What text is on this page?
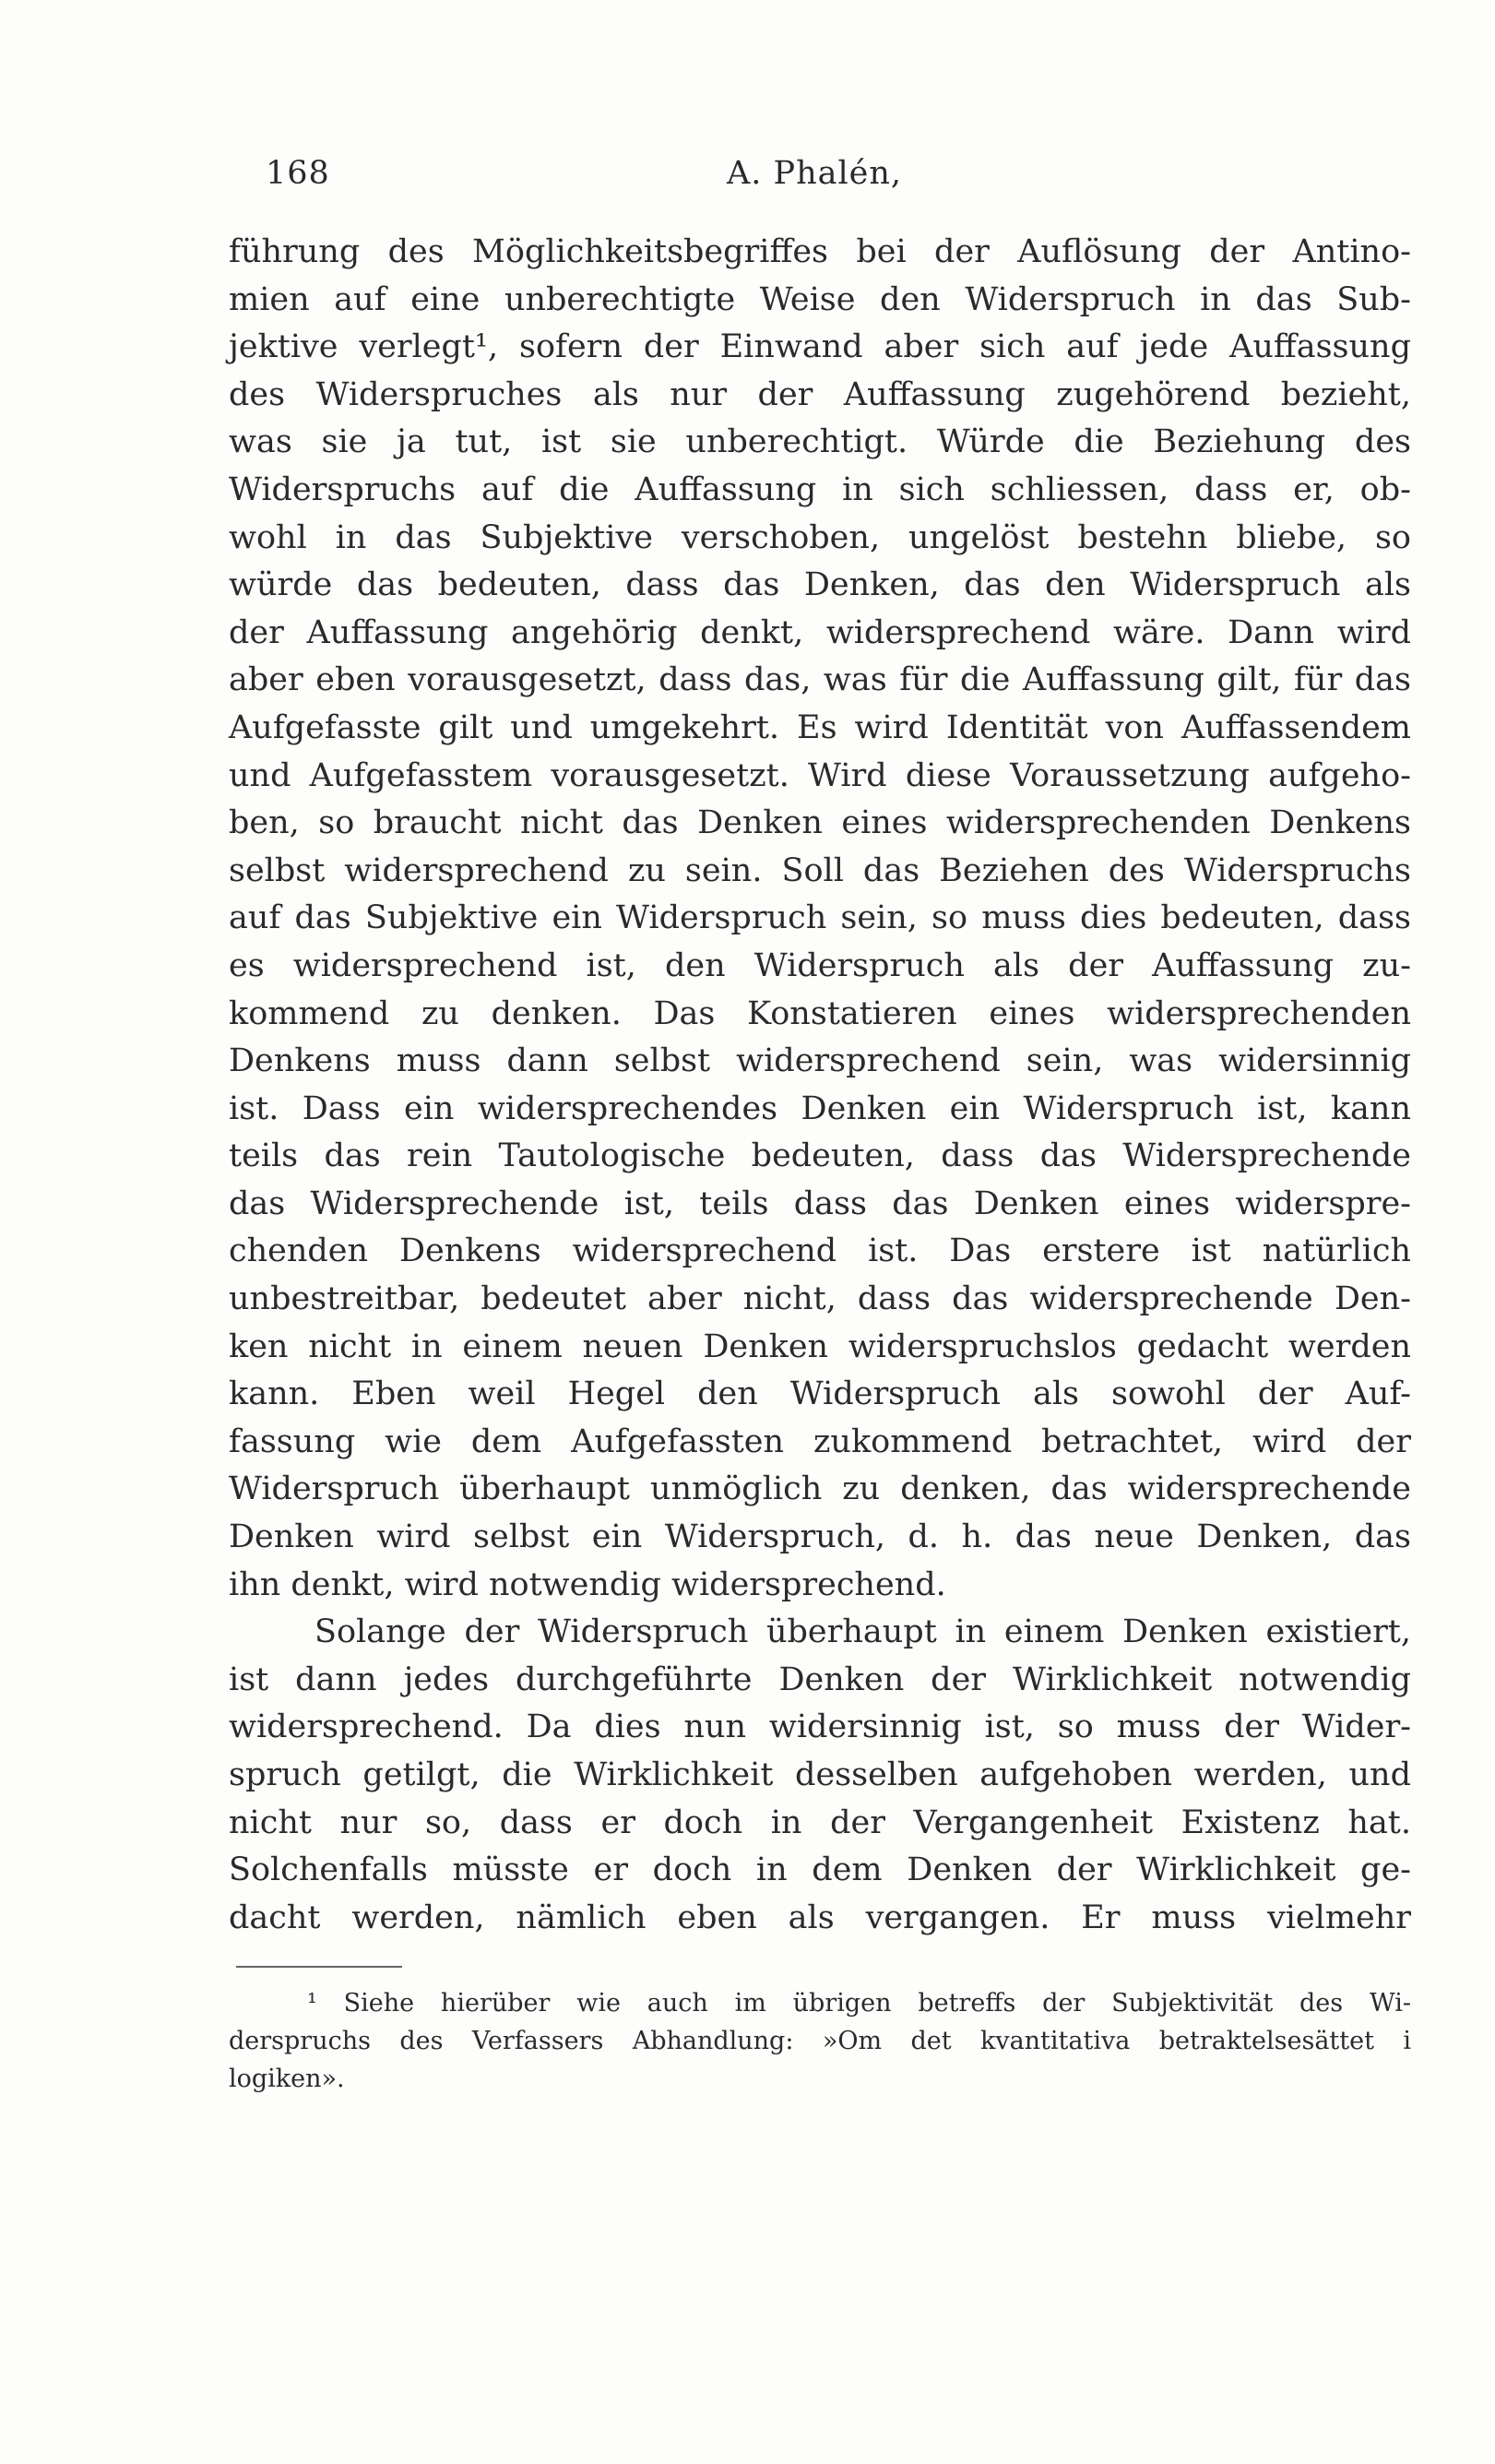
168	A. Phalén,
führung des Möglichkeitsbegriffes bei der Auflösung der Antino-
mien auf eine unberechtigte Weise den Widerspruch in das Sub-
jektive verlegt¹, sofern der Einwand aber sich auf jede Auffassung
des Widerspruches als nur der Auffassung zugehörend bezieht,
was sie ja tut, ist sie unberechtigt. Würde die Beziehung des
Widerspruchs auf die Auffassung in sich schliessen, dass er, ob-
wohl in das Subjektive verschoben, ungelöst bestehn bliebe, so
würde das bedeuten, dass das Denken, das den Widerspruch als
der Auffassung angehörig denkt, widersprechend wäre. Dann wird
aber eben vorausgesetzt, dass das, was für die Auffassung gilt, für das
Aufgefasste gilt und umgekehrt. Es wird Identität von Auffassendem
und Aufgefasstem vorausgesetzt. Wird diese Voraussetzung aufgeho-
ben, so braucht nicht das Denken eines widersprechenden Denkens
selbst widersprechend zu sein. Soll das Beziehen des Widerspruchs
auf das Subjektive ein Widerspruch sein, so muss dies bedeuten, dass
es widersprechend ist, den Widerspruch als der Auffassung zu-
kommend zu denken. Das Konstatieren eines widersprechenden
Denkens muss dann selbst widersprechend sein, was widersinnig
ist. Dass ein widersprechendes Denken ein Widerspruch ist, kann
teils das rein Tautologische bedeuten, dass das Widersprechende
das Widersprechende ist, teils dass das Denken eines widerspre-
chenden Denkens widersprechend ist. Das erstere ist natürlich
unbestreitbar, bedeutet aber nicht, dass das widersprechende Den-
ken nicht in einem neuen Denken widerspruchslos gedacht werden
kann. Eben weil Hegel den Widerspruch als sowohl der Auf-
fassung wie dem Aufgefassten zukommend betrachtet, wird der
Widerspruch überhaupt unmöglich zu denken, das widersprechende
Denken wird selbst ein Widerspruch, d. h. das neue Denken, das
ihn denkt, wird notwendig widersprechend.
Solange der Widerspruch überhaupt in einem Denken existiert,
ist dann jedes durchgeführte Denken der Wirklichkeit notwendig
widersprechend. Da dies nun widersinnig ist, so muss der Wider-
spruch getilgt, die Wirklichkeit desselben aufgehoben werden, und
nicht nur so, dass er doch in der Vergangenheit Existenz hat.
Solchenfalls müsste er doch in dem Denken der Wirklichkeit ge-
dacht werden, nämlich eben als vergangen. Er muss vielmehr
¹ Siehe hierüber wie auch im übrigen betreffs der Subjektivität des Wi-
derspruchs des Verfassers Abhandlung: »Om det kvantitativa betraktelsesättet i
logiken».
